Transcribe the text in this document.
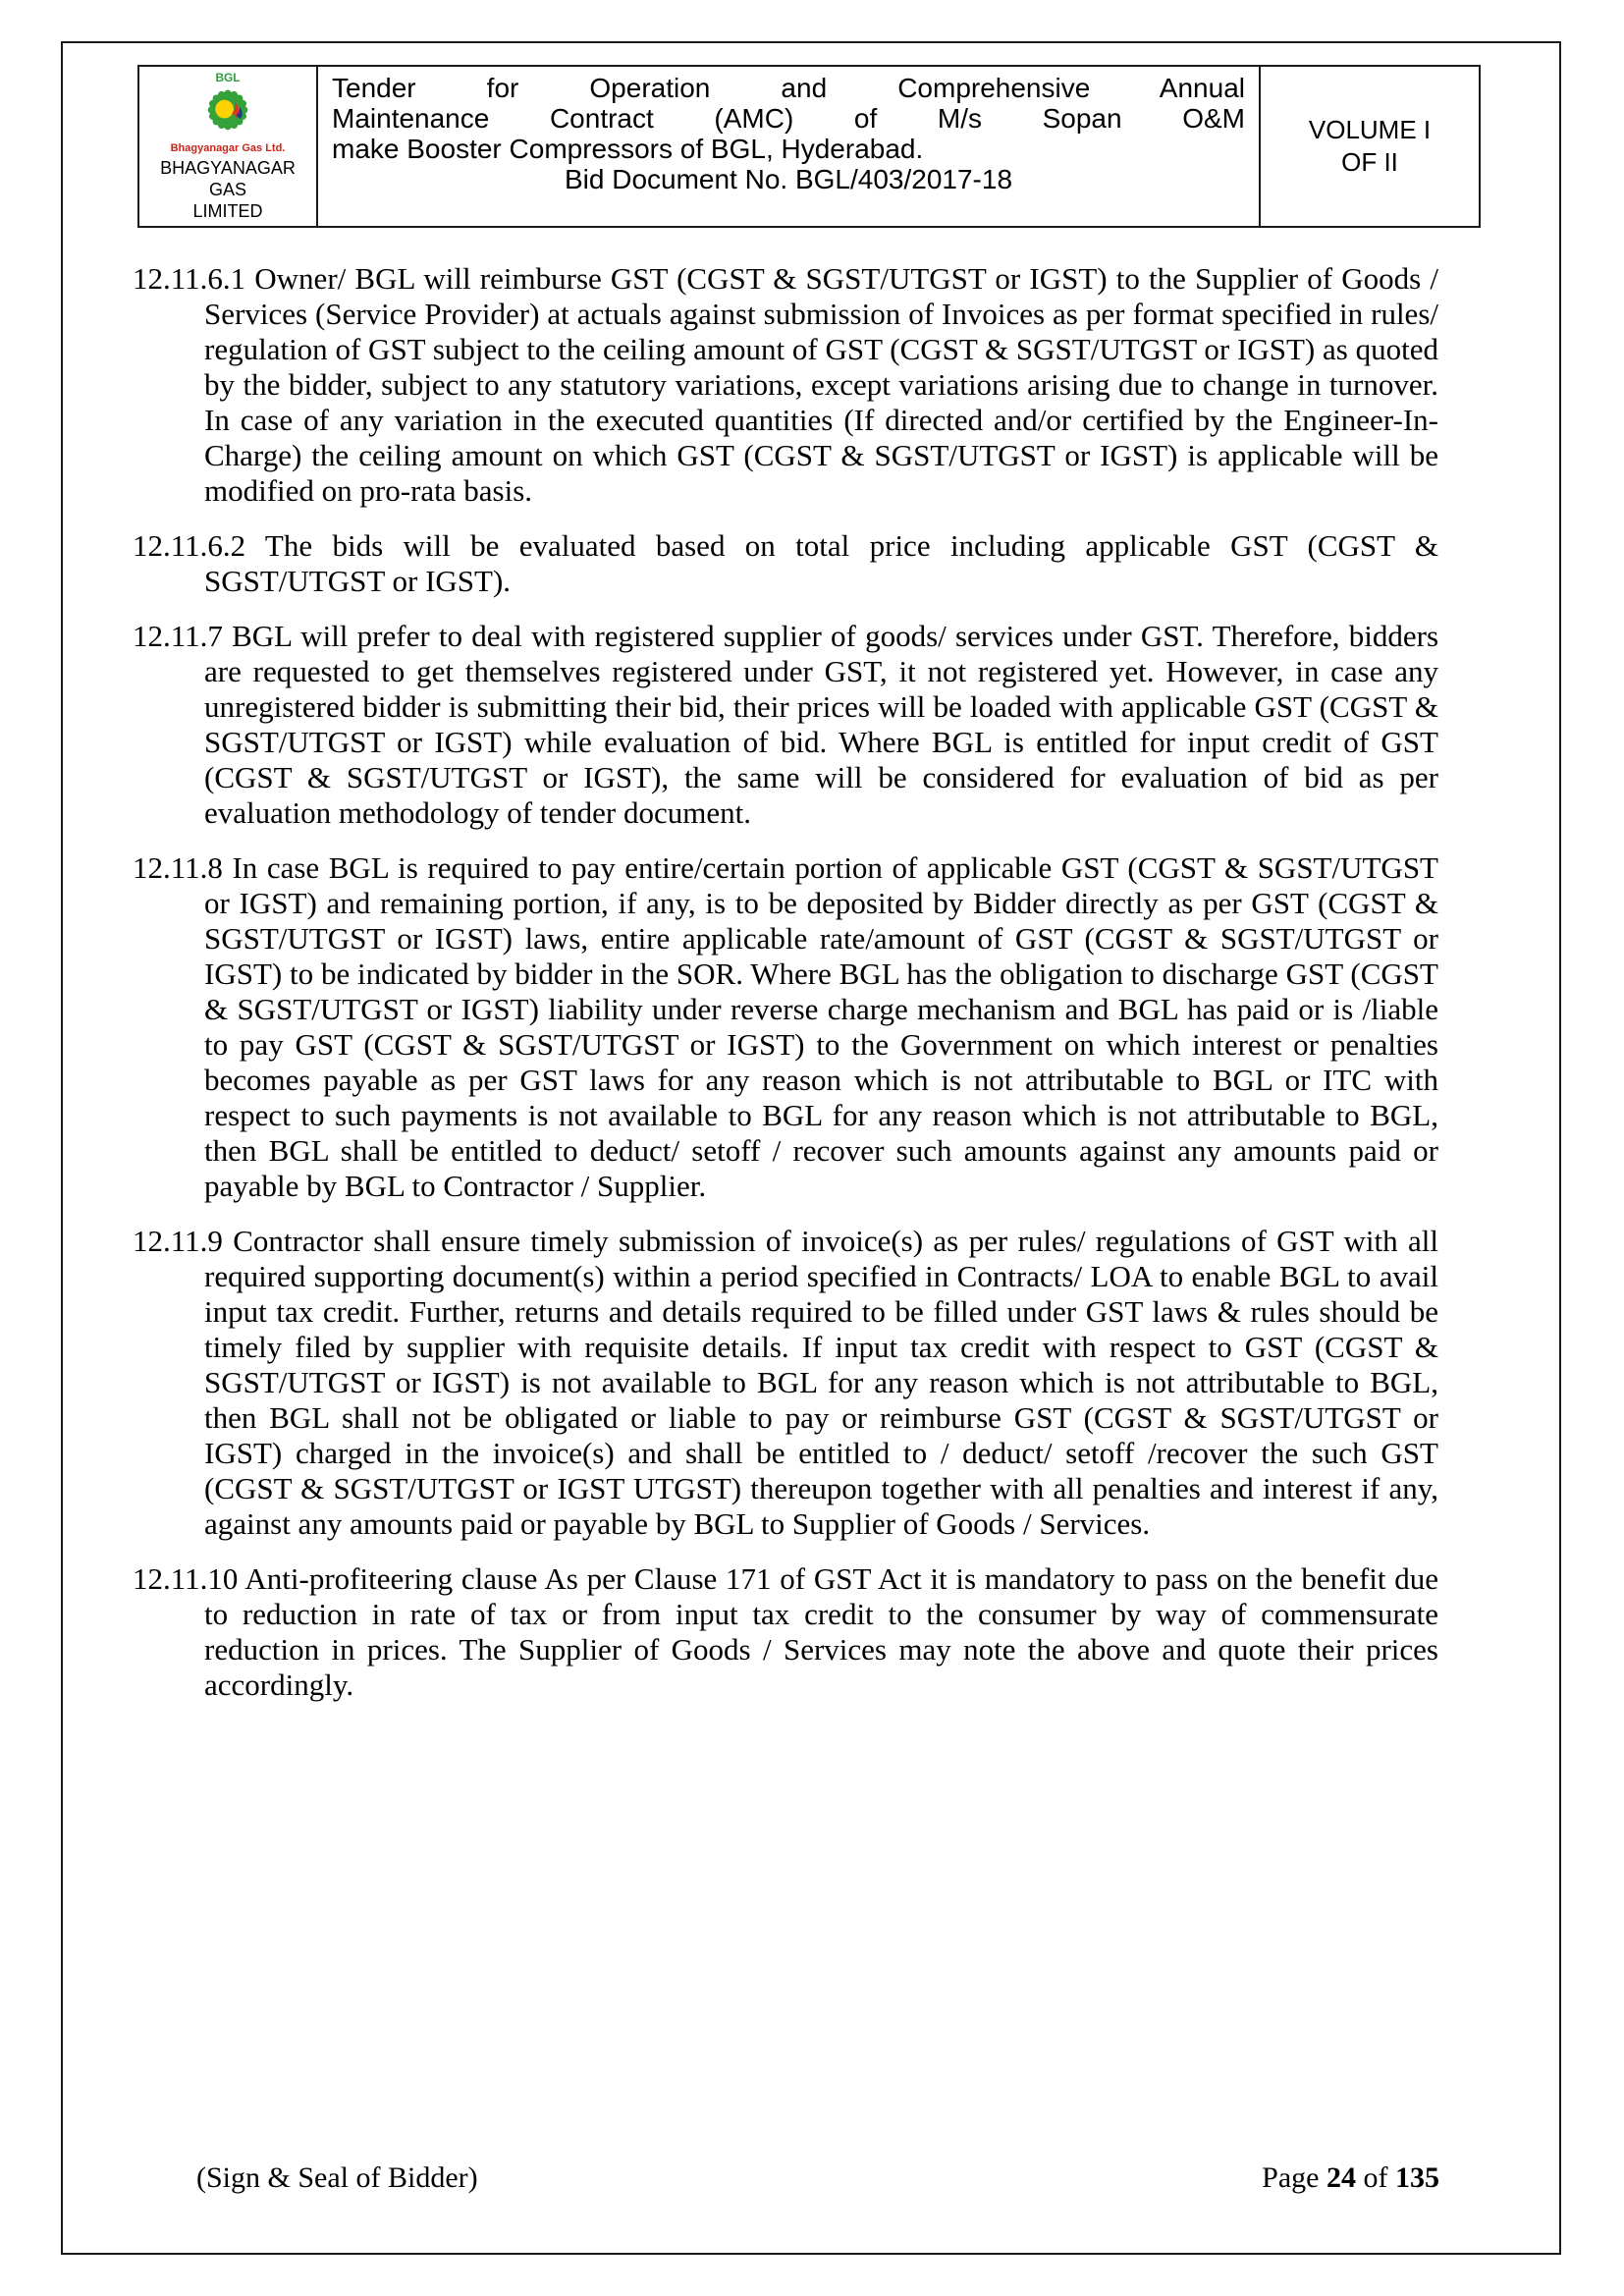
BGL
Bhagyanagar Gas Ltd.
BHAGYANAGAR GAS
LIMITED
Tender for Operation and Comprehensive Annual
Maintenance Contract (AMC) of M/s Sopan O&M
make Booster Compressors of BGL, Hyderabad.
Bid Document No. BGL/403/2017-18
VOLUME I
OF II

12.11.6.1 Owner/ BGL will reimburse GST (CGST & SGST/UTGST or IGST) to the Supplier of Goods / Services (Service Provider) at actuals against submission of Invoices as per format specified in rules/ regulation of GST subject to the ceiling amount of GST (CGST & SGST/UTGST or IGST) as quoted by the bidder, subject to any statutory variations, except variations arising due to change in turnover. In case of any variation in the executed quantities (If directed and/or certified by the Engineer-In-Charge) the ceiling amount on which GST (CGST & SGST/UTGST or IGST) is applicable will be modified on pro-rata basis.

12.11.6.2 The bids will be evaluated based on total price including applicable GST (CGST & SGST/UTGST or IGST).

12.11.7 BGL will prefer to deal with registered supplier of goods/ services under GST. Therefore, bidders are requested to get themselves registered under GST, it not registered yet. However, in case any unregistered bidder is submitting their bid, their prices will be loaded with applicable GST (CGST & SGST/UTGST or IGST) while evaluation of bid. Where BGL is entitled for input credit of GST (CGST & SGST/UTGST or IGST), the same will be considered for evaluation of bid as per evaluation methodology of tender document.

12.11.8 In case BGL is required to pay entire/certain portion of applicable GST (CGST & SGST/UTGST or IGST) and remaining portion, if any, is to be deposited by Bidder directly as per GST (CGST & SGST/UTGST or IGST) laws, entire applicable rate/amount of GST (CGST & SGST/UTGST or IGST) to be indicated by bidder in the SOR. Where BGL has the obligation to discharge GST (CGST & SGST/UTGST or IGST) liability under reverse charge mechanism and BGL has paid or is /liable to pay GST (CGST & SGST/UTGST or IGST) to the Government on which interest or penalties becomes payable as per GST laws for any reason which is not attributable to BGL or ITC with respect to such payments is not available to BGL for any reason which is not attributable to BGL, then BGL shall be entitled to deduct/ setoff / recover such amounts against any amounts paid or payable by BGL to Contractor / Supplier.

12.11.9 Contractor shall ensure timely submission of invoice(s) as per rules/ regulations of GST with all required supporting document(s) within a period specified in Contracts/ LOA to enable BGL to avail input tax credit. Further, returns and details required to be filled under GST laws & rules should be timely filed by supplier with requisite details. If input tax credit with respect to GST (CGST & SGST/UTGST or IGST) is not available to BGL for any reason which is not attributable to BGL, then BGL shall not be obligated or liable to pay or reimburse GST (CGST & SGST/UTGST or IGST) charged in the invoice(s) and shall be entitled to / deduct/ setoff /recover the such GST (CGST & SGST/UTGST or IGST UTGST) thereupon together with all penalties and interest if any, against any amounts paid or payable by BGL to Supplier of Goods / Services.

12.11.10 Anti-profiteering clause As per Clause 171 of GST Act it is mandatory to pass on the benefit due to reduction in rate of tax or from input tax credit to the consumer by way of commensurate reduction in prices. The Supplier of Goods / Services may note the above and quote their prices accordingly.

(Sign & Seal of Bidder)	Page 24 of 135
